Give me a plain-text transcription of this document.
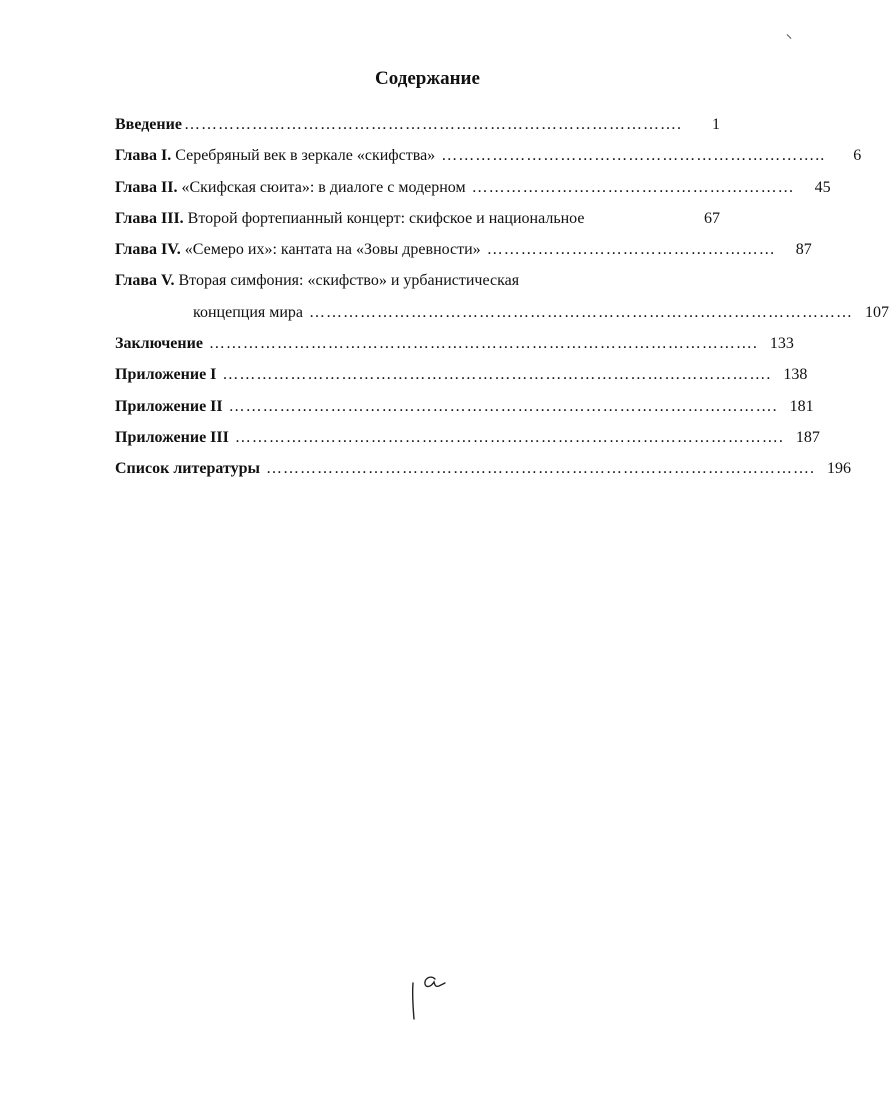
Содержание
Введение …………………………………………………………………………….	1
Глава I. Серебряный век в зеркале «скифства» …………………………………………………………..	6
Глава II. «Скифская сюита»: в диалоге с модерном …………………………………………………	45
Глава III. Второй фортепианный концерт: скифское и национальное	67
Глава IV. «Семеро их»: кантата на «Зовы древности» ……………………………………………	87
Глава V. Вторая симфония: «скифство» и урбанистическая
концепция мира …………………………………………………………………………………… 107
Заключение ……………………………………………………………………………………. 133
Приложение I ……………………………………………………………………………………. 138
Приложение II ……………………………………………………………………………………. 181
Приложение III ……………………………………………………………………………………. 187
Список литературы ……………………………………………………………………………………. 196
a
